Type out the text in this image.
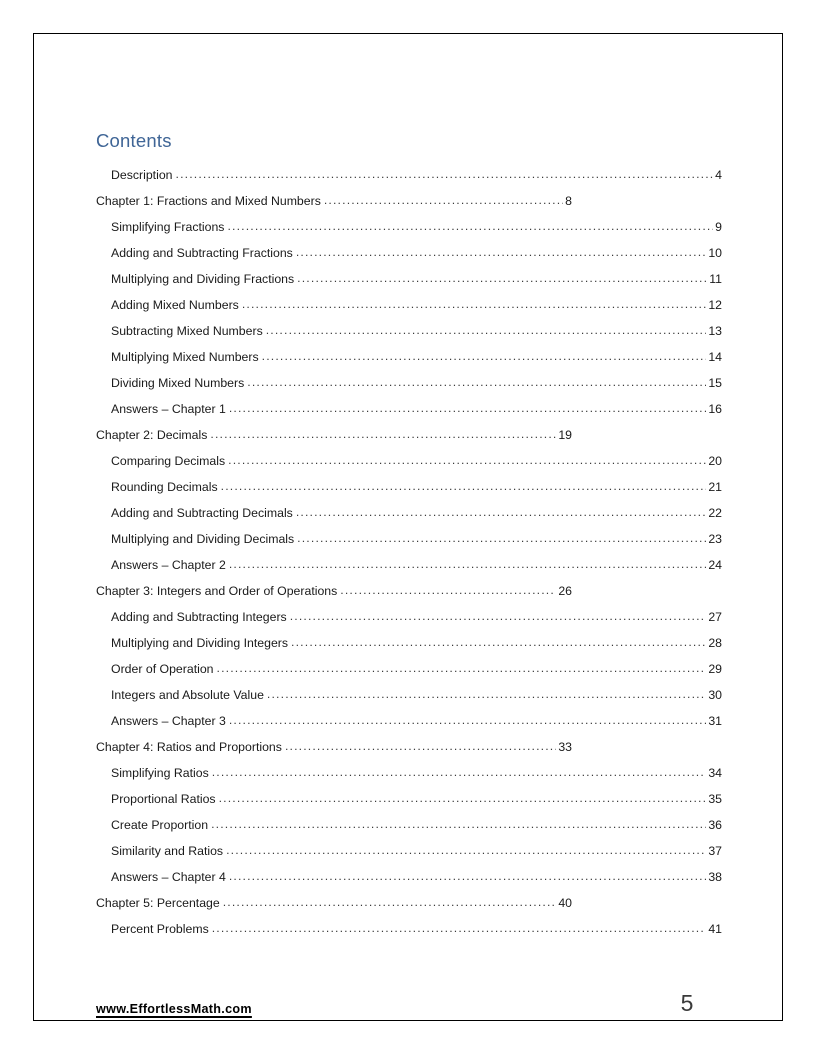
Contents
Description .....	4
Chapter 1: Fractions and Mixed Numbers .....	8
Simplifying Fractions .....	9
Adding and Subtracting Fractions .....	10
Multiplying and Dividing Fractions .....	11
Adding Mixed Numbers .....	12
Subtracting Mixed Numbers .....	13
Multiplying Mixed Numbers .....	14
Dividing Mixed Numbers .....	15
Answers – Chapter 1 .....	16
Chapter 2: Decimals .....	19
Comparing Decimals .....	20
Rounding Decimals .....	21
Adding and Subtracting Decimals .....	22
Multiplying and Dividing Decimals .....	23
Answers – Chapter 2 .....	24
Chapter 3: Integers and Order of Operations .....	26
Adding and Subtracting Integers .....	27
Multiplying and Dividing Integers .....	28
Order of Operation .....	29
Integers and Absolute Value .....	30
Answers – Chapter 3 .....	31
Chapter 4: Ratios and Proportions .....	33
Simplifying Ratios .....	34
Proportional Ratios .....	35
Create Proportion .....	36
Similarity and Ratios .....	37
Answers – Chapter 4 .....	38
Chapter 5: Percentage .....	40
Percent Problems .....	41
www.EffortlessMath.com	5
